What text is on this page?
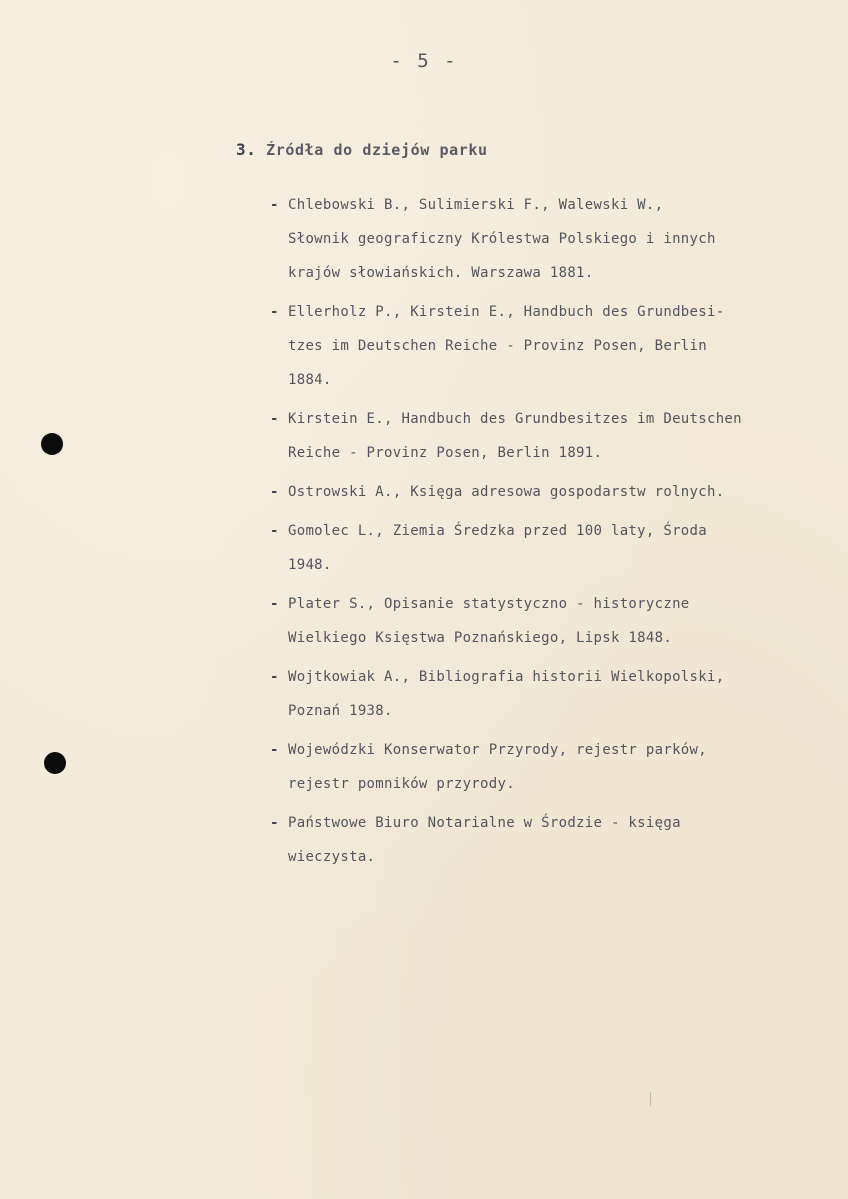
- 5 -
3. Źródła do dziejów parku
- Chlebowski B., Sulimierski F., Walewski W.,
Słownik geograficzny Królestwa Polskiego i innych
krajów słowiańskich. Warszawa 1881.
- Ellerholz P., Kirstein E., Handbuch des Grundbesi-
tzes im Deutschen Reiche - Provinz Posen, Berlin
1884.
- Kirstein E., Handbuch des Grundbesitzes im Deutschen
Reiche - Provinz Posen, Berlin 1891.
- Ostrowski A., Księga adresowa gospodarstw rolnych.
- Gomolec L., Ziemia Średzka przed 100 laty, Środa
1948.
- Plater S., Opisanie statystyczno - historyczne
Wielkiego Księstwa Poznańskiego, Lipsk 1848.
- Wojtkowiak A., Bibliografia historii Wielkopolski,
Poznań 1938.
- Wojewódzki Konserwator Przyrody, rejestr parków,
rejestr pomników przyrody.
- Państwowe Biuro Notarialne w Środzie - księga
wieczysta.
